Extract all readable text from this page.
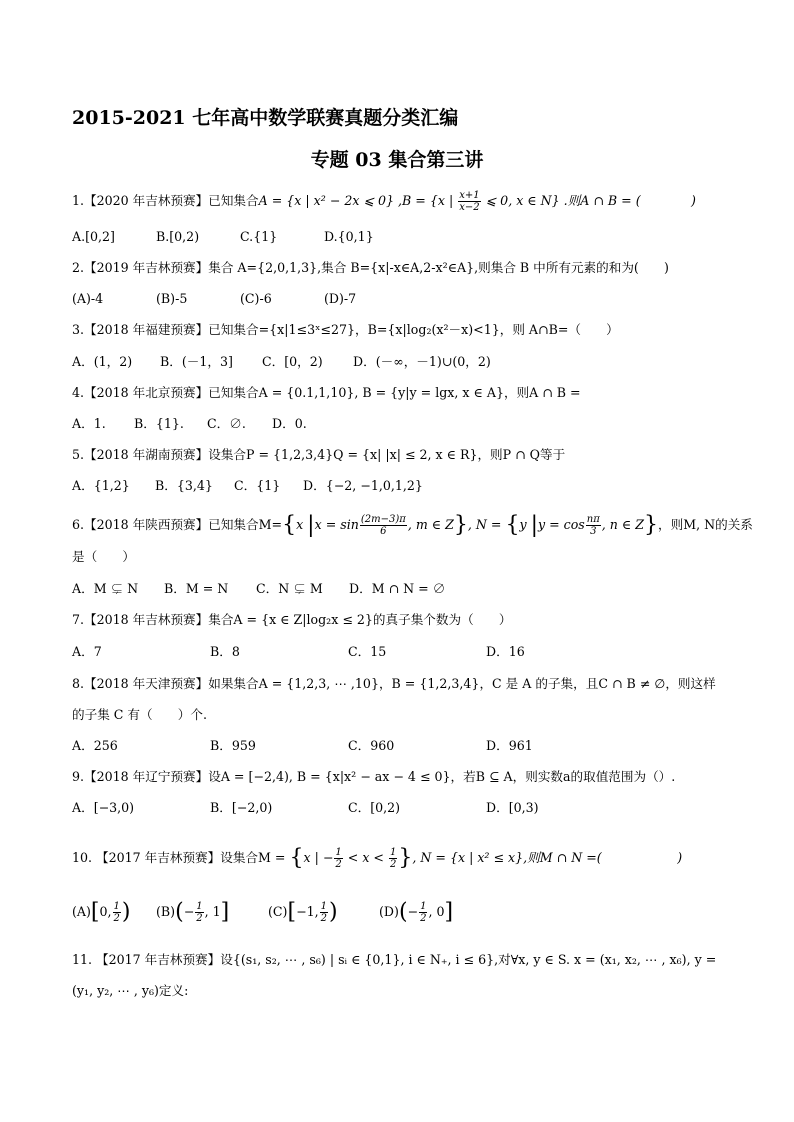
2015-2021 七年高中数学联赛真题分类汇编
专题 03 集合第三讲
1.【2020 年吉林预赛】已知集合A = {x | x² − 2x ⩽ 0} ,B = {x | $\frac{x+1}{x-2}$ ⩽ 0, x ∈ N} .则A ∩ B = (　　　　)
A.[0,2]	B.[0,2)	C.{1}	D.{0,1}
2.【2019 年吉林预赛】集合 A={2,0,1,3},集合 B={x|-x∈A,2-x²∈A},则集合 B 中所有元素的和为(　　)
(A)-4	(B)-5	(C)-6	(D)-7
3.【2018 年福建预赛】已知集合={x|1≤3ˣ≤27}，B={x|log₂(x²－x)<1}，则 A∩B=（　　）
A．(1，2) B．(－1，3] C．[0，2) D．(－∞，－1)∪(0，2)
4.【2018 年北京预赛】已知集合A = {0.1,1,10}, B = {y|y = lgx, x ∈ A}，则A ∩ B =
A．1. B．{1}. C．∅. D．0.
5.【2018 年湖南预赛】设集合P = {1,2,3,4}Q = {x| |x| ≤ 2, x ∈ R}，则P ∩ Q等于
A．{1,2} B．{3,4} C．{1} D．{−2, −1,0,1,2}
6.【2018 年陕西预赛】已知集合M={x $|x = \sin \frac{(2m-3)\pi}{6}$ , m ∈ Z}, N = {y $|y = \cos \frac{n\pi}{3}$ , n ∈ Z}，则M, N的关系
是（　　）
A．M ⊊ N B．M = N C．N ⊊ M D．M ∩ N = ∅
7.【2018 年吉林预赛】集合A = {x ∈ Z|log₂x ≤ 2}的真子集个数为（　　）
A．7	B．8	C．15	D．16
8.【2018 年天津预赛】如果集合A = {1,2,3, ⋯ ,10}，B = {1,2,3,4}，C 是 A 的子集，且C ∩ B ≠ ∅，则这样
的子集 C 有（　　）个.
A．256	B．959	C．960	D．961
9.【2018 年辽宁预赛】设A = [−2,4), B = {x|x² − ax − 4 ≤ 0}，若B ⊆ A，则实数a的取值范围为（）.
A．[−3,0)	B．[−2,0)	C．[0,2)	D．[0,3)
10. 【2017 年吉林预赛】设集合M = {x | − $\frac{1}{2} < x < \frac{1}{2}$ }, N = {x | x² ≤ x},则M ∩ N =(　　　　　　)
(A)[0, $\frac{1}{2}$ ) $(B)(- \frac{1}{2}$ , 1]	(C)[−1, $\frac{1}{2}$ )	$(D)(- \frac{1}{2}$ , 0]
11. 【2017 年吉林预赛】设{(s₁, s₂, ⋯ , s₆) | sᵢ ∈ {0,1}, i ∈ N₊, i ≤ 6},对∀x, y ∈ S. x = (x₁, x₂, ⋯ , x₆), y =
(y₁, y₂, ⋯ , y₆)定义:
